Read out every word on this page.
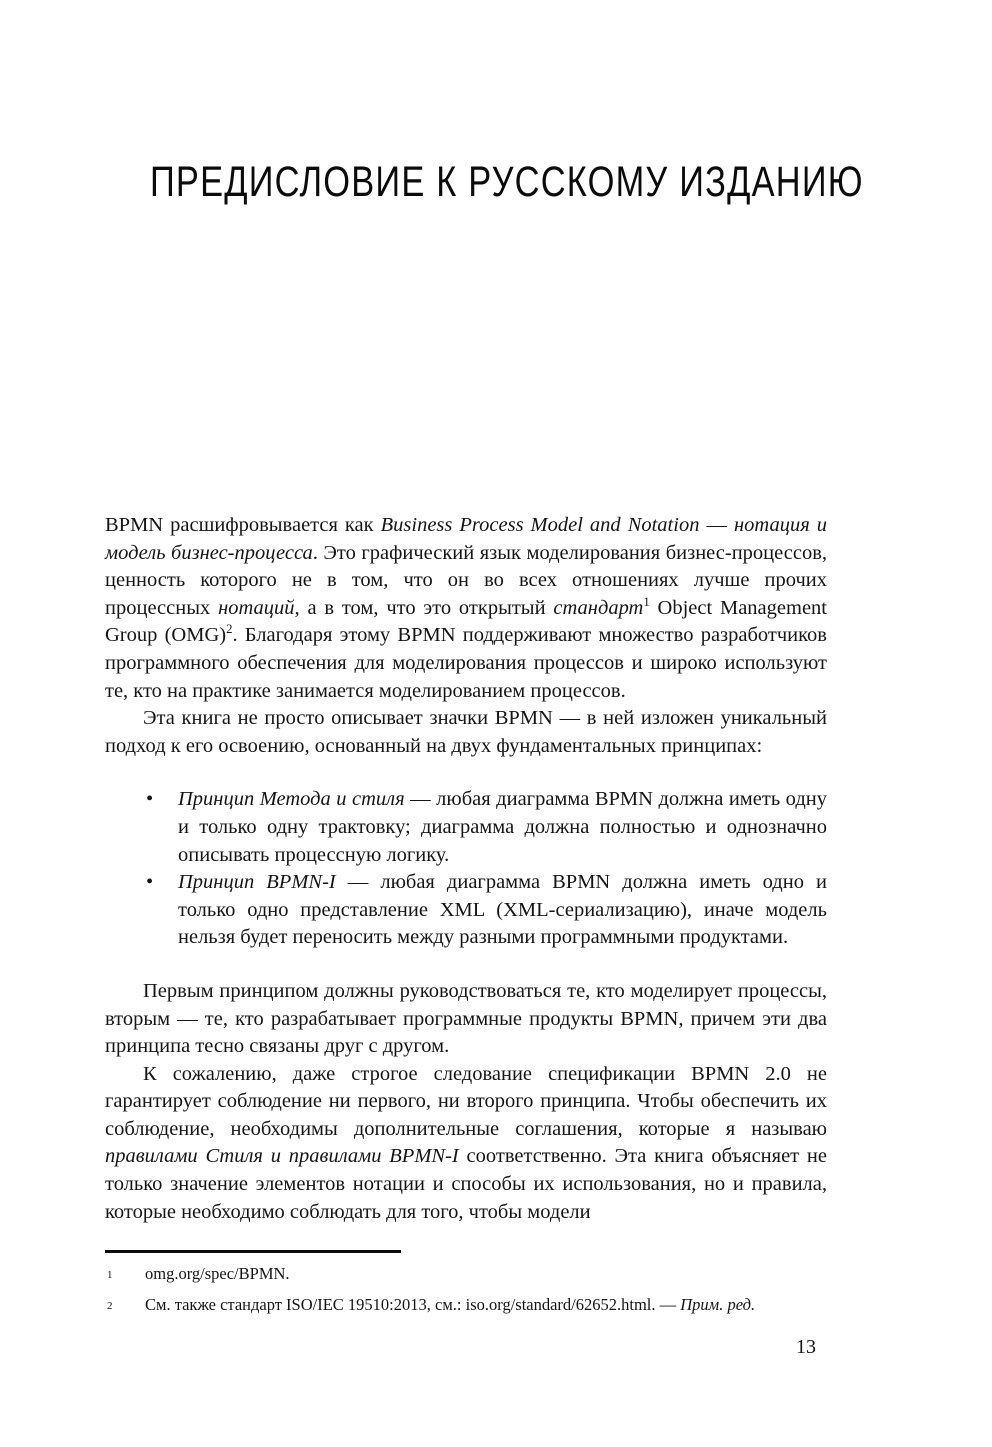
ПРЕДИСЛОВИЕ К РУССКОМУ ИЗДАНИЮ

BPMN расшифровывается как Business Process Model and Notation — нотация и модель бизнес-процесса. Это графический язык моделирования бизнес-процессов, ценность которого не в том, что он во всех отношениях лучше прочих процессных нотаций, а в том, что это открытый стандарт$^1$ Object Management Group (OMG)$^2$. Благодаря этому BPMN поддерживают множество разработчиков программного обеспечения для моделирования процессов и широко используют те, кто на практике занимается моделированием процессов.

Эта книга не просто описывает значки BPMN — в ней изложен уникальный подход к его освоению, основанный на двух фундаментальных принципах:

• Принцип Метода и стиля — любая диаграмма BPMN должна иметь одну и только одну трактовку; диаграмма должна полностью и однозначно описывать процессную логику.
• Принцип BPMN-I — любая диаграмма BPMN должна иметь одно и только одно представление XML (XML-сериализацию), иначе модель нельзя будет переносить между разными программными продуктами.

Первым принципом должны руководствоваться те, кто моделирует процессы, вторым — те, кто разрабатывает программные продукты BPMN, причем эти два принципа тесно связаны друг с другом.

К сожалению, даже строгое следование спецификации BPMN 2.0 не гарантирует соблюдение ни первого, ни второго принципа. Чтобы обеспечить их соблюдение, необходимы дополнительные соглашения, которые я называю правилами Стиля и правилами BPMN-I соответственно. Эта книга объясняет не только значение элементов нотации и способы их использования, но и правила, которые необходимо соблюдать для того, чтобы модели

1 omg.org/spec/BPMN.
2 См. также стандарт ISO/IEC 19510:2013, см.: iso.org/standard/62652.html. — Прим. ред.
13
